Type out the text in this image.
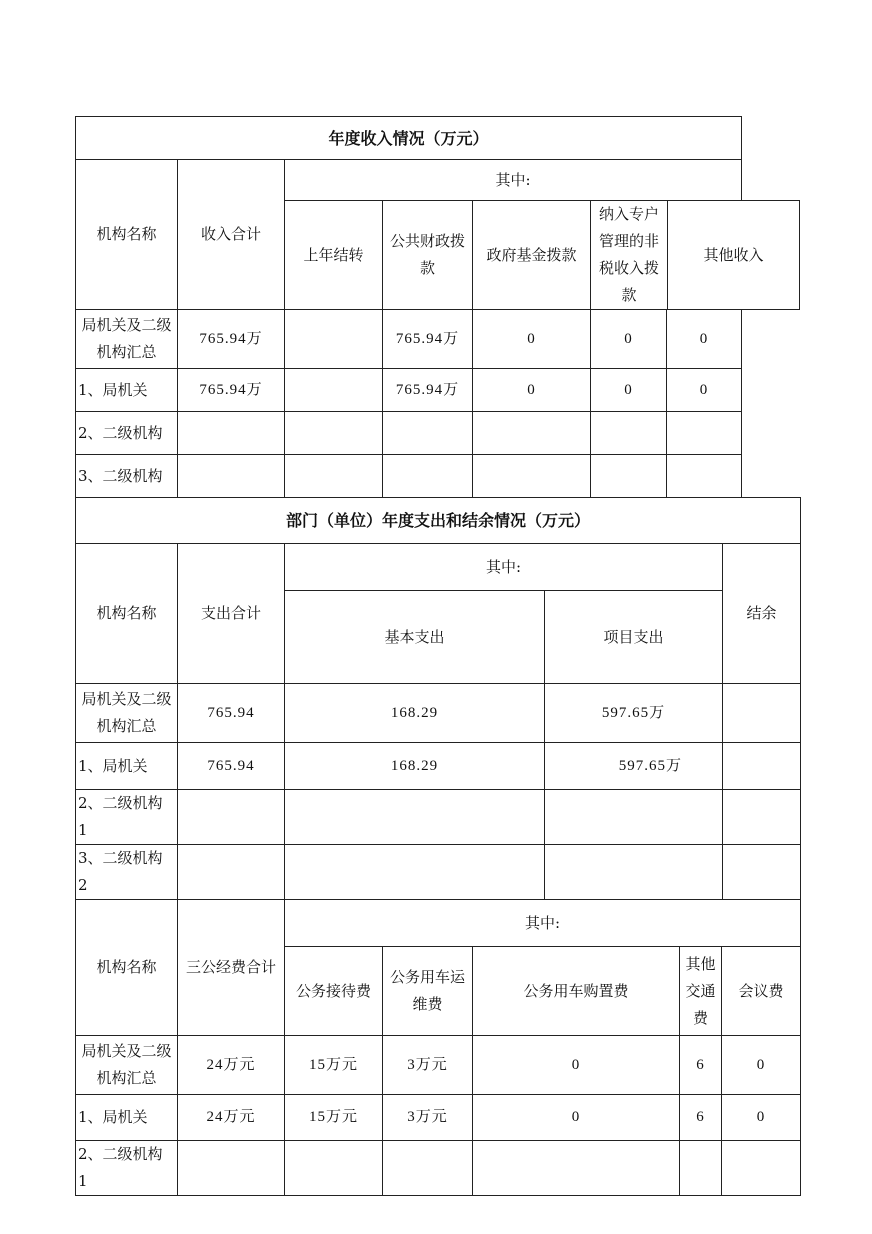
年度收入情况（万元）						
机构名称	收入合计	其中:				
		上年结转	公共财政拨款	政府基金拨款	纳入专户管理的非税收入拨款	其他收入
局机关及二级机构汇总	765.94万		765.94万	0	0	0
1、局机关	765.94万		765.94万	0	0	0
2、二级机构						
3、二级机构						
部门（单位）年度支出和结余情况（万元）				
机构名称	支出合计	其中:		结余
		基本支出	项目支出	
局机关及二级机构汇总	765.94	168.29	597.65万	
1、局机关	765.94	168.29	597.65万	
2、二级机构 1				
3、二级机构 2				
机构名称	三公经费合计	其中:				
		公务接待费	公务用车运维费	公务用车购置费	其他交通费	会议费
局机关及二级机构汇总	24万元	15万元	3万元	0	6	0
1、局机关	24万元	15万元	3万元	0	6	0
2、二级机构 1						
